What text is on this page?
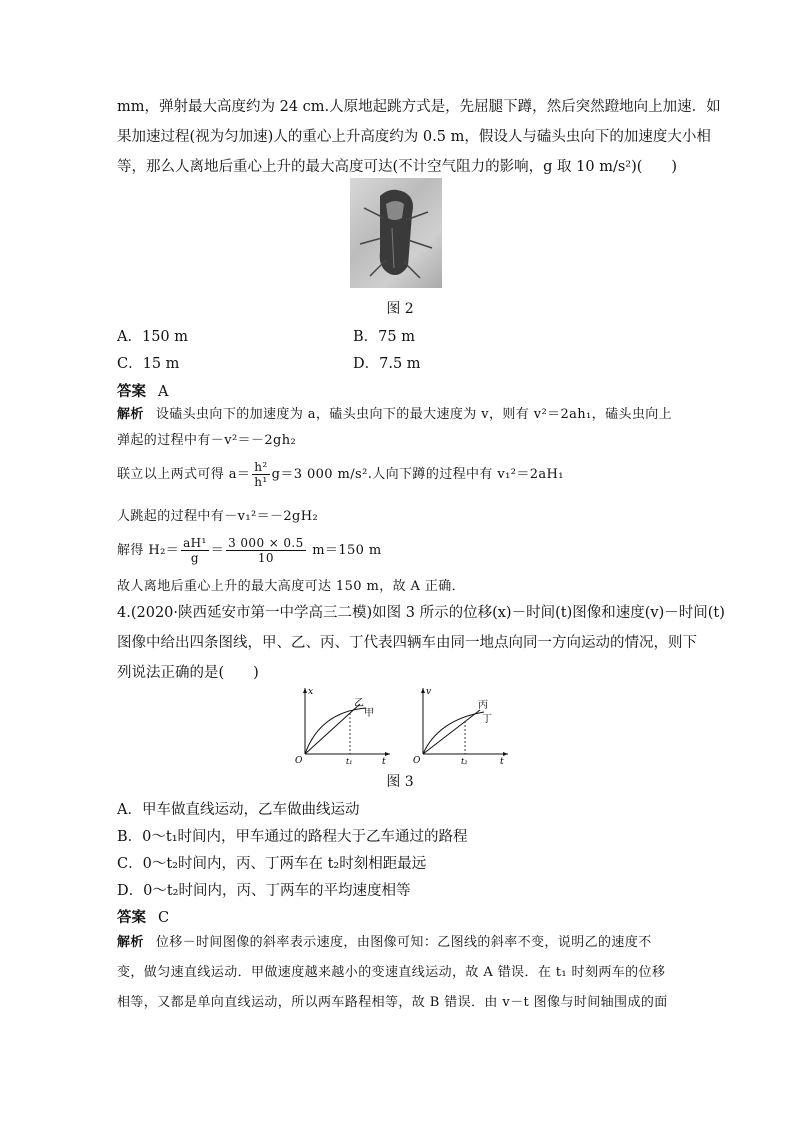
mm，弹射最大高度约为 24 cm.人原地起跳方式是，先屈腿下蹲，然后突然蹬地向上加速．如
果加速过程(视为匀加速)人的重心上升高度约为 0.5 m，假设人与磕头虫向下的加速度大小相
等，那么人离地后重心上升的最大高度可达(不计空气阻力的影响，g 取 10 m/s²)(　　)
图 2
A．150 m	B．75 m
C．15 m	D．7.5 m
答案 A
解析 设磕头虫向下的加速度为 a，磕头虫向下的最大速度为 v，则有 v²＝2ah₁，磕头虫向上
弹起的过程中有－v²＝－2gh₂
联立以上两式可得 $a= \frac{\text{h²}}{\text{h¹}} g=3$ 000 m/s².人向下蹲的过程中有 v₁²＝2aH₁
人跳起的过程中有－v₁²＝－2gH₂
解得 $H_2= \frac{\text{aH¹}}{g} = \frac{3 000 \times 0.5}{10} m=150$ m
故人离地后重心上升的最大高度可达 150 m，故 A 正确．
4.(2020·陕西延安市第一中学高三二模)如图 3 所示的位移(x)－时间(t)图像和速度(v)－时间(t)
图像中给出四条图线，甲、乙、丙、丁代表四辆车由同一地点向同一方向运动的情况，则下
列说法正确的是(　　)
x
t
O	t₁
乙
甲
v
t
O	t₂
丙
丁
图 3
A．甲车做直线运动，乙车做曲线运动
B．0～t₁时间内，甲车通过的路程大于乙车通过的路程
C．0～t₂时间内，丙、丁两车在 t₂时刻相距最远
D．0～t₂时间内，丙、丁两车的平均速度相等
答案 C
解析 位移－时间图像的斜率表示速度，由图像可知：乙图线的斜率不变，说明乙的速度不
变，做匀速直线运动．甲做速度越来越小的变速直线运动，故 A 错误．在 t₁ 时刻两车的位移
相等，又都是单向直线运动，所以两车路程相等，故 B 错误．由 v－t 图像与时间轴围成的面
